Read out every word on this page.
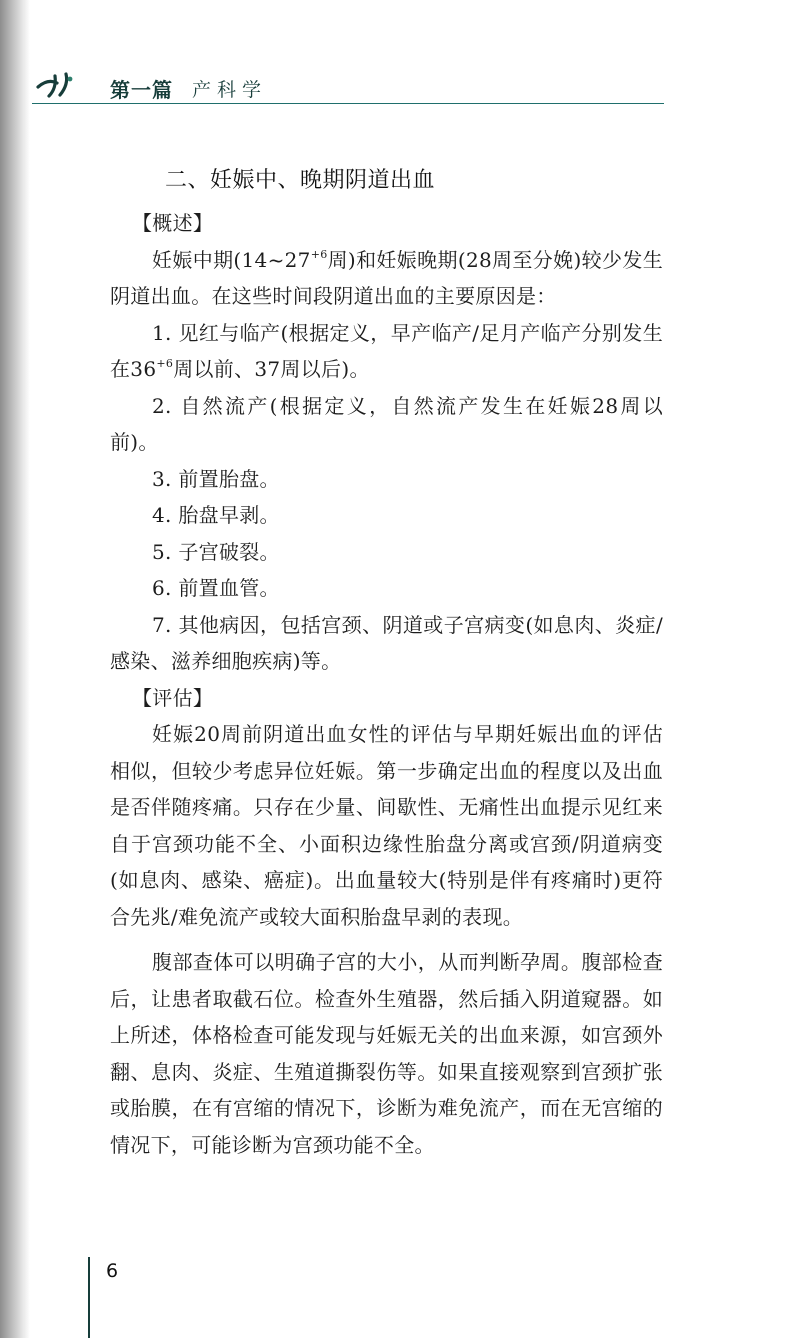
第一篇 产科学
二、妊娠中、晚期阴道出血

【概述】

妊娠中期($14\sim 27^{+6}$周)和妊娠晚期(28周至分娩)较少发生阴道出血。在这些时间段阴道出血的主要原因是：

1. 见红与临产(根据定义，早产临产/足月产临产分别发生在$36^{+6}$周以前、37周以后)。

2. 自然流产(根据定义，自然流产发生在妊娠28周以前)。

3. 前置胎盘。

4. 胎盘早剥。

5. 子宫破裂。

6. 前置血管。

7. 其他病因，包括宫颈、阴道或子宫病变(如息肉、炎症/感染、滋养细胞疾病)等。

【评估】

妊娠20周前阴道出血女性的评估与早期妊娠出血的评估相似，但较少考虑异位妊娠。第一步确定出血的程度以及出血是否伴随疼痛。只存在少量、间歇性、无痛性出血提示见红来自于宫颈功能不全、小面积边缘性胎盘分离或宫颈/阴道病变(如息肉、感染、癌症)。出血量较大(特别是伴有疼痛时)更符合先兆/难免流产或较大面积胎盘早剥的表现。

腹部查体可以明确子宫的大小，从而判断孕周。腹部检查后，让患者取截石位。检查外生殖器，然后插入阴道窥器。如上所述，体格检查可能发现与妊娠无关的出血来源，如宫颈外翻、息肉、炎症、生殖道撕裂伤等。如果直接观察到宫颈扩张或胎膜，在有宫缩的情况下，诊断为难免流产，而在无宫缩的情况下，可能诊断为宫颈功能不全。

6
